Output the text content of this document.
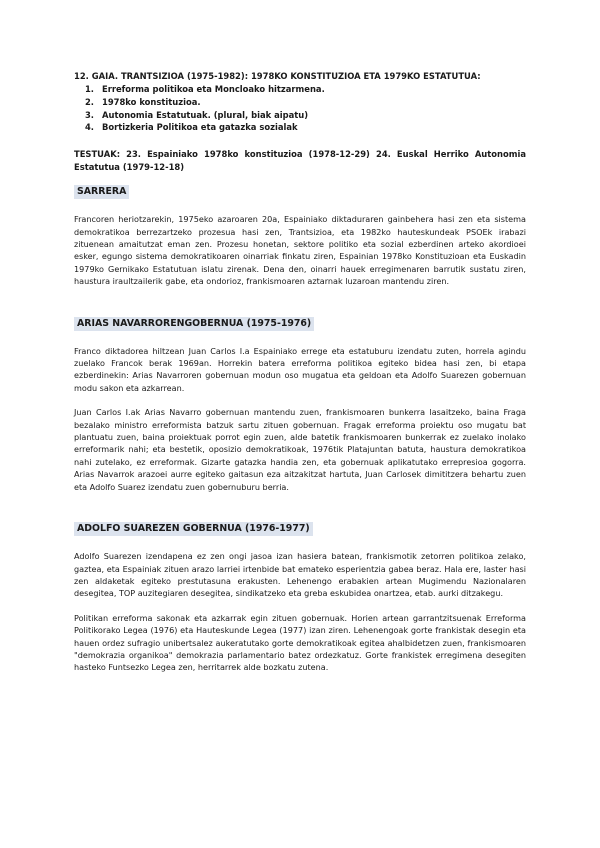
12. GAIA. TRANTSIZIOA (1975-1982): 1978KO KONSTITUZIOA ETA 1979KO ESTATUTUA:

1. Erreforma politikoa eta Moncloako hitzarmena.
2. 1978ko konstituzioa.
3. Autonomia Estatutuak. (plural, biak aipatu)
4. Bortizkeria Politikoa eta gatazka sozialak

TESTUAK: 23. Espainiako 1978ko konstituzioa (1978-12-29) 24. Euskal Herriko Autonomia Estatutua (1979-12-18)

SARRERA

Francoren heriotzarekin, 1975eko azaroaren 20a, Espainiako diktaduraren gainbehera hasi zen eta sistema demokratikoa berrezartzeko prozesua hasi zen, Trantsizioa, eta 1982ko hauteskundeak PSOEk irabazi zituenean amaitutzat eman zen. Prozesu honetan, sektore politiko eta sozial ezberdinen arteko akordioei esker, egungo sistema demokratikoaren oinarriak finkatu ziren, Espainian 1978ko Konstituzioan eta Euskadin 1979ko Gernikako Estatutuan islatu zirenak. Dena den, oinarri hauek erregimenaren barrutik sustatu ziren, haustura iraultzailerik gabe, eta ondorioz, frankismoaren aztarnak luzaroan mantendu ziren.

ARIAS NAVARRORENGOBERNUA (1975-1976)

Franco diktadorea hiltzean Juan Carlos I.a Espainiako errege eta estatuburu izendatu zuten, horrela agindu zuelako Francok berak 1969an. Horrekin batera erreforma politikoa egiteko bidea hasi zen, bi etapa ezberdinekin: Arias Navarroren gobernuan modun oso mugatua eta geldoan eta Adolfo Suarezen gobernuan modu sakon eta azkarrean.

Juan Carlos I.ak Arias Navarro gobernuan mantendu zuen, frankismoaren bunkerra lasaitzeko, baina Fraga bezalako ministro erreformista batzuk sartu zituen gobernuan. Fragak erreforma proiektu oso mugatu bat plantuatu zuen, baina proiektuak porrot egin zuen, alde batetik frankismoaren bunkerrak ez zuelako inolako erreformarik nahi; eta bestetik, oposizio demokratikoak, 1976tik Platajuntan batuta, haustura demokratikoa nahi zutelako, ez erreformak. Gizarte gatazka handia zen, eta gobernuak aplikatutako errepresioa gogorra. Arias Navarrok arazoei aurre egiteko gaitasun eza aitzakitzat hartuta, Juan Carlosek dimititzera behartu zuen eta Adolfo Suarez izendatu zuen gobernuburu berria.

ADOLFO SUAREZEN GOBERNUA (1976-1977)

Adolfo Suarezen izendapena ez zen ongi jasoa izan hasiera batean, frankismotik zetorren politikoa zelako, gaztea, eta Espainiak zituen arazo larriei irtenbide bat emateko esperientzia gabea beraz. Hala ere, laster hasi zen aldaketak egiteko prestutasuna erakusten. Lehenengo erabakien artean Mugimendu Nazionalaren desegitea, TOP auzitegiaren desegitea, sindikatzeko eta greba eskubidea onartzea, etab. aurki ditzakegu.

Politikan erreforma sakonak eta azkarrak egin zituen gobernuak. Horien artean garrantzitsuenak Erreforma Politikorako Legea (1976) eta Hauteskunde Legea (1977) izan ziren. Lehenengoak gorte frankistak desegin eta hauen ordez sufragio unibertsalez aukeratutako gorte demokratikoak egitea ahalbidetzen zuen, frankismoaren "demokrazia organikoa" demokrazia parlamentario batez ordezkatuz. Gorte frankistek erregimena desegiten hasteko Funtsezko Legea zen, herritarrek alde bozkatu zutena.
